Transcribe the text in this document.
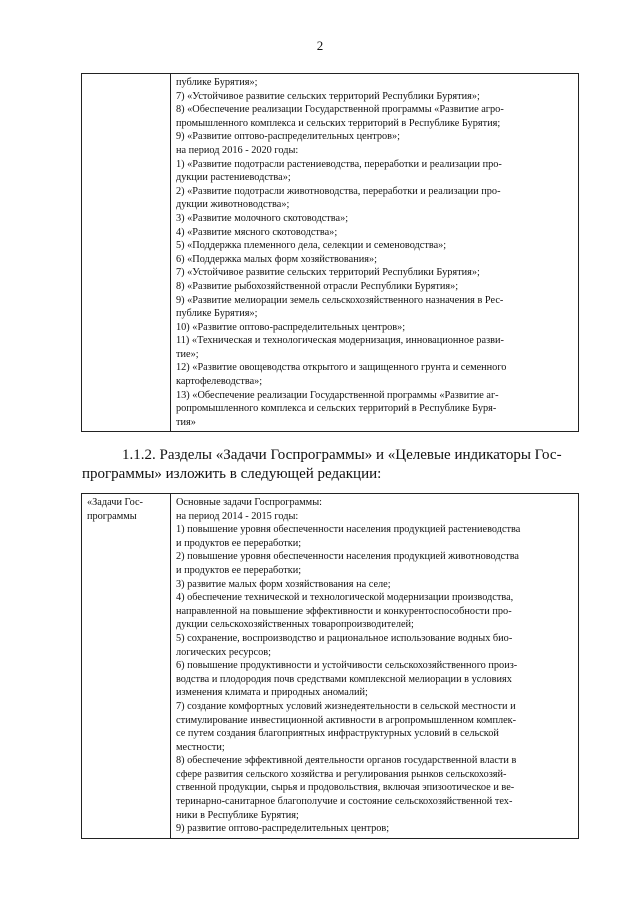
2

публике Бурятия»;
7) «Устойчивое развитие сельских территорий Республики Бурятия»;
8) «Обеспечение реализации Государственной программы «Развитие агро-
промышленного комплекса и сельских территорий в Республике Бурятия;
9) «Развитие оптово-распределительных центров»;
на период 2016 - 2020 годы:
1) «Развитие подотрасли растениеводства, переработки и реализации про-
дукции растениеводства»;
2) «Развитие подотрасли животноводства, переработки и реализации про-
дукции животноводства»;
3) «Развитие молочного скотоводства»;
4) «Развитие мясного скотоводства»;
5) «Поддержка племенного дела, селекции и семеноводства»;
6) «Поддержка малых форм хозяйствования»;
7) «Устойчивое развитие сельских территорий Республики Бурятия»;
8) «Развитие рыбохозяйственной отрасли Республики Бурятия»;
9) «Развитие мелиорации земель сельскохозяйственного назначения в Рес-
публике Бурятия»;
10) «Развитие оптово-распределительных центров»;
11) «Техническая и технологическая модернизация, инновационное разви-
тие»;
12) «Развитие овощеводства открытого и защищенного грунта и семенного
картофелеводства»;
13) «Обеспечение реализации Государственной программы «Развитие аг-
ропромышленного комплекса и сельских территорий в Республике Буря-
тия»

1.1.2. Разделы «Задачи Госпрограммы» и «Целевые индикаторы Гос-
программы» изложить в следующей редакции:

«Задачи Гос-
программы

Основные задачи Госпрограммы:
на период 2014 - 2015 годы:
1) повышение уровня обеспеченности населения продукцией растениеводства
и продуктов ее переработки;
2) повышение уровня обеспеченности населения продукцией животноводства
и продуктов ее переработки;
3) развитие малых форм хозяйствования на селе;
4) обеспечение технической и технологической модернизации производства,
направленной на повышение эффективности и конкурентоспособности про-
дукции сельскохозяйственных товаропроизводителей;
5) сохранение, воспроизводство и рациональное использование водных био-
логических ресурсов;
6) повышение продуктивности и устойчивости сельскохозяйственного произ-
водства и плодородия почв средствами комплексной мелиорации в условиях
изменения климата и природных аномалий;
7) создание комфортных условий жизнедеятельности в сельской местности и
стимулирование инвестиционной активности в агропромышленном комплек-
се путем создания благоприятных инфраструктурных условий в сельской
местности;
8) обеспечение эффективной деятельности органов государственной власти в
сфере развития сельского хозяйства и регулирования рынков сельскохозяй-
ственной продукции, сырья и продовольствия, включая эпизоотическое и ве-
теринарно-санитарное благополучие и состояние сельскохозяйственной тех-
ники в Республике Бурятия;
9) развитие оптово-распределительных центров;
